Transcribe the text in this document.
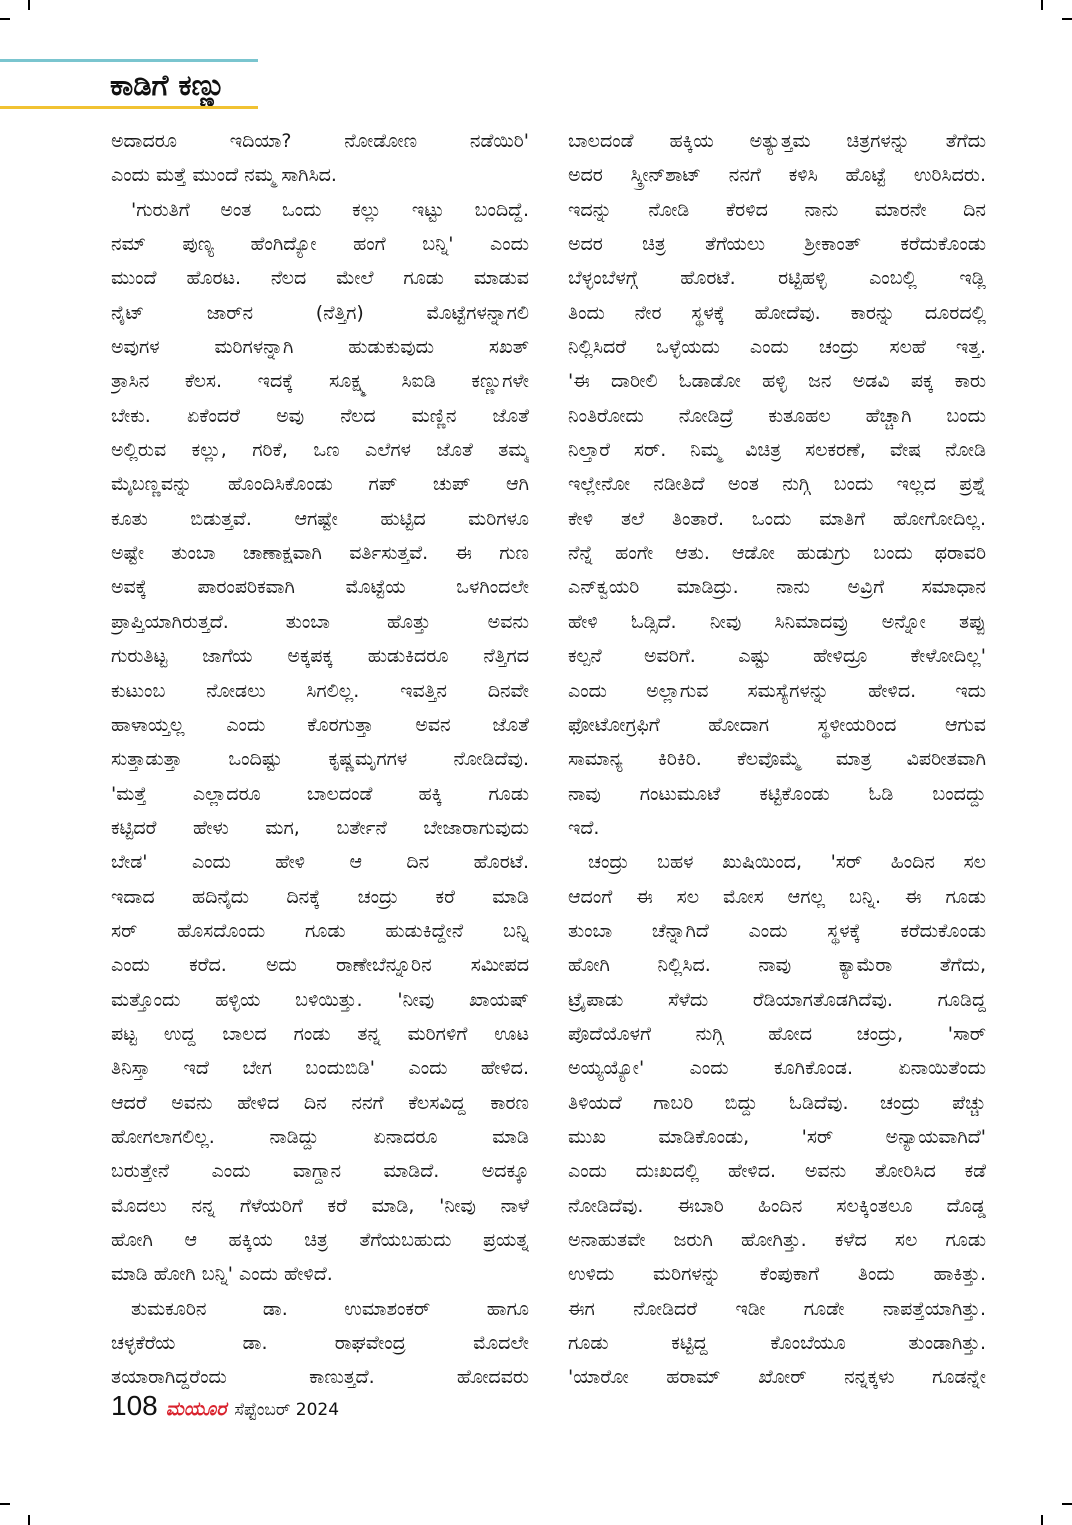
ಕಾಡಿಗೆ ಕಣ್ಣು
ಅದಾದರೂ ಇದಿಯಾ? ನೋಡೋಣ ನಡೆಯಿರಿ'
ಎಂದು ಮತ್ತೆ ಮುಂದೆ ನಮ್ಮ ಸಾಗಿಸಿದ.
'ಗುರುತಿಗೆ ಅಂತ ಒಂದು ಕಲ್ಲು ಇಟ್ಟು ಬಂದಿದ್ದೆ.
ನಮ್ ಪುಣ್ಯ ಹೆಂಗಿದ್ಯೋ ಹಂಗೆ ಬನ್ನಿ' ಎಂದು
ಮುಂದೆ ಹೊರಟ. ನೆಲದ ಮೇಲೆ ಗೂಡು ಮಾಡುವ
ನೈಟ್ ಜಾರ್‌ನ (ನೆತ್ತಿಗ) ಮೊಟ್ಟೆಗಳನ್ನಾಗಲಿ
ಅವುಗಳ ಮರಿಗಳನ್ನಾಗಿ ಹುಡುಕುವುದು ಸಖತ್
ತ್ರಾಸಿನ ಕೆಲಸ. ಇದಕ್ಕೆ ಸೂಕ್ಷ್ಮ ಸಿಐಡಿ ಕಣ್ಣುಗಳೇ
ಬೇಕು. ಏಕೆಂದರೆ ಅವು ನೆಲದ ಮಣ್ಣಿನ ಜೊತೆ
ಅಲ್ಲಿರುವ ಕಲ್ಲು, ಗರಿಕೆ, ಒಣ ಎಲೆಗಳ ಜೊತೆ ತಮ್ಮ
ಮೈಬಣ್ಣವನ್ನು ಹೊಂದಿಸಿಕೊಂಡು ಗಪ್ ಚುಪ್ ಆಗಿ
ಕೂತು ಬಿಡುತ್ತವೆ. ಆಗಷ್ಟೇ ಹುಟ್ಟಿದ ಮರಿಗಳೂ
ಅಷ್ಟೇ ತುಂಬಾ ಚಾಣಾಕ್ಷವಾಗಿ ವರ್ತಿಸುತ್ತವೆ. ಈ ಗುಣ
ಅವಕ್ಕೆ ಪಾರಂಪರಿಕವಾಗಿ ಮೊಟ್ಟೆಯ ಒಳಗಿಂದಲೇ
ಪ್ರಾಪ್ತಿಯಾಗಿರುತ್ತದೆ. ತುಂಬಾ ಹೊತ್ತು ಅವನು
ಗುರುತಿಟ್ಟ ಜಾಗೆಯ ಅಕ್ಕಪಕ್ಕ ಹುಡುಕಿದರೂ ನೆತ್ತಿಗದ
ಕುಟುಂಬ ನೋಡಲು ಸಿಗಲಿಲ್ಲ. ಇವತ್ತಿನ ದಿನವೇ
ಹಾಳಾಯ್ತಲ್ಲ ಎಂದು ಕೊರಗುತ್ತಾ ಅವನ ಜೊತೆ
ಸುತ್ತಾಡುತ್ತಾ ಒಂದಿಷ್ಟು ಕೃಷ್ಣಮೃಗಗಳ ನೋಡಿದೆವು.
'ಮತ್ತೆ ಎಲ್ಲಾದರೂ ಬಾಲದಂಡೆ ಹಕ್ಕಿ ಗೂಡು
ಕಟ್ಟಿದರೆ ಹೇಳು ಮಗ, ಬರ್ತೇನೆ ಬೇಜಾರಾಗುವುದು
ಬೇಡ' ಎಂದು ಹೇಳಿ ಆ ದಿನ ಹೊರಟೆ.
ಇದಾದ ಹದಿನೈದು ದಿನಕ್ಕೆ ಚಂದ್ರು ಕರೆ ಮಾಡಿ
ಸರ್ ಹೊಸದೊಂದು ಗೂಡು ಹುಡುಕಿದ್ದೇನೆ ಬನ್ನಿ
ಎಂದು ಕರೆದ. ಅದು ರಾಣೇಬೆನ್ನೂರಿನ ಸಮೀಪದ
ಮತ್ತೊಂದು ಹಳ್ಳಿಯ ಬಳಿಯಿತ್ತು. 'ನೀವು ಖಾಯಷ್
ಪಟ್ಟ ಉದ್ದ ಬಾಲದ ಗಂಡು ತನ್ನ ಮರಿಗಳಿಗೆ ಊಟ
ತಿನಿಸ್ತಾ ಇದೆ ಬೇಗ ಬಂದುಬಿಡಿ' ಎಂದು ಹೇಳಿದ.
ಆದರೆ ಅವನು ಹೇಳಿದ ದಿನ ನನಗೆ ಕೆಲಸವಿದ್ದ ಕಾರಣ
ಹೋಗಲಾಗಲಿಲ್ಲ. ನಾಡಿದ್ದು ಏನಾದರೂ ಮಾಡಿ
ಬರುತ್ತೇನೆ ಎಂದು ವಾಗ್ದಾನ ಮಾಡಿದೆ. ಅದಕ್ಕೂ
ಮೊದಲು ನನ್ನ ಗೆಳೆಯರಿಗೆ ಕರೆ ಮಾಡಿ, 'ನೀವು ನಾಳೆ
ಹೋಗಿ ಆ ಹಕ್ಕಿಯ ಚಿತ್ರ ತೆಗೆಯಬಹುದು ಪ್ರಯತ್ನ
ಮಾಡಿ ಹೋಗಿ ಬನ್ನಿ' ಎಂದು ಹೇಳಿದೆ.
ತುಮಕೂರಿನ ಡಾ. ಉಮಾಶಂಕರ್ ಹಾಗೂ
ಚಳ್ಳಕೆರೆಯ ಡಾ. ರಾಘವೇಂದ್ರ ಮೊದಲೇ
ತಯಾರಾಗಿದ್ದರೆಂದು ಕಾಣುತ್ತದೆ. ಹೋದವರು
ಬಾಲದಂಡೆ ಹಕ್ಕಿಯ ಅತ್ಯುತ್ತಮ ಚಿತ್ರಗಳನ್ನು ತೆಗೆದು
ಅದರ ಸ್ಕ್ರೀನ್‌ಶಾಟ್ ನನಗೆ ಕಳಿಸಿ ಹೊಟ್ಟೆ ಉರಿಸಿದರು.
ಇದನ್ನು ನೋಡಿ ಕೆರಳಿದ ನಾನು ಮಾರನೇ ದಿನ
ಅದರ ಚಿತ್ರ ತೆಗೆಯಲು ಶ್ರೀಕಾಂತ್ ಕರೆದುಕೊಂಡು
ಬೆಳ್ಳಂಬೆಳಗ್ಗೆ ಹೊರಟೆ. ರಟ್ಟಿಹಳ್ಳಿ ಎಂಬಲ್ಲಿ ಇಡ್ಲಿ
ತಿಂದು ನೇರ ಸ್ಥಳಕ್ಕೆ ಹೋದೆವು. ಕಾರನ್ನು ದೂರದಲ್ಲಿ
ನಿಲ್ಲಿಸಿದರೆ ಒಳ್ಳೆಯದು ಎಂದು ಚಂದ್ರು ಸಲಹೆ ಇತ್ತ.
'ಈ ದಾರೀಲಿ ಓಡಾಡೋ ಹಳ್ಳಿ ಜನ ಅಡವಿ ಪಕ್ಕ ಕಾರು
ನಿಂತಿರೋದು ನೋಡಿದ್ರೆ ಕುತೂಹಲ ಹೆಚ್ಚಾಗಿ ಬಂದು
ನಿಲ್ತಾರೆ ಸರ್. ನಿಮ್ಮ ವಿಚಿತ್ರ ಸಲಕರಣೆ, ವೇಷ ನೋಡಿ
ಇಲ್ಲೇನೋ ನಡೀತಿದೆ ಅಂತ ನುಗ್ಗಿ ಬಂದು ಇಲ್ಲದ ಪ್ರಶ್ನೆ
ಕೇಳಿ ತಲೆ ತಿಂತಾರೆ. ಒಂದು ಮಾತಿಗೆ ಹೋಗೋದಿಲ್ಲ.
ನೆನ್ನೆ ಹಂಗೇ ಆತು. ಆಡೋ ಹುಡುಗ್ರು ಬಂದು ಥರಾವರಿ
ಎನ್‌ಕ್ವಯರಿ ಮಾಡಿದ್ರು. ನಾನು ಅವ್ರಿಗೆ ಸಮಾಧಾನ
ಹೇಳಿ ಓಡ್ಸಿದೆ. ನೀವು ಸಿನಿಮಾದವ್ರು ಅನ್ನೋ ತಪ್ಪು
ಕಲ್ಪನೆ ಅವರಿಗೆ. ಎಷ್ಟು ಹೇಳಿದ್ರೂ ಕೇಳೋದಿಲ್ಲ'
ಎಂದು ಅಲ್ಲಾಗುವ ಸಮಸ್ಯೆಗಳನ್ನು ಹೇಳಿದ. ಇದು
ಫೋಟೋಗ್ರಫಿಗೆ ಹೋದಾಗ ಸ್ಥಳೀಯರಿಂದ ಆಗುವ
ಸಾಮಾನ್ಯ ಕಿರಿಕಿರಿ. ಕೆಲವೊಮ್ಮೆ ಮಾತ್ರ ವಿಪರೀತವಾಗಿ
ನಾವು ಗಂಟುಮೂಟೆ ಕಟ್ಟಿಕೊಂಡು ಓಡಿ ಬಂದದ್ದು
ಇದೆ.
ಚಂದ್ರು ಬಹಳ ಖುಷಿಯಿಂದ, 'ಸರ್ ಹಿಂದಿನ ಸಲ
ಆದಂಗೆ ಈ ಸಲ ಮೋಸ ಆಗಲ್ಲ ಬನ್ನಿ. ಈ ಗೂಡು
ತುಂಬಾ ಚೆನ್ನಾಗಿದೆ ಎಂದು ಸ್ಥಳಕ್ಕೆ ಕರೆದುಕೊಂಡು
ಹೋಗಿ ನಿಲ್ಲಿಸಿದ. ನಾವು ಕ್ಯಾಮೆರಾ ತೆಗೆದು,
ಟ್ರೈಪಾಡು ಸೆಳೆದು ರೆಡಿಯಾಗತೊಡಗಿದೆವು. ಗೂಡಿದ್ದ
ಪೊದೆಯೊಳಗೆ ನುಗ್ಗಿ ಹೋದ ಚಂದ್ರು, 'ಸಾರ್
ಅಯ್ಯಯ್ಯೋ' ಎಂದು ಕೂಗಿಕೊಂಡ. ಏನಾಯಿತೆಂದು
ತಿಳಿಯದೆ ಗಾಬರಿ ಬಿದ್ದು ಓಡಿದೆವು. ಚಂದ್ರು ಪೆಚ್ಚು
ಮುಖ ಮಾಡಿಕೊಂಡು, 'ಸರ್ ಅನ್ಯಾಯವಾಗಿದೆ'
ಎಂದು ದುಃಖದಲ್ಲಿ ಹೇಳಿದ. ಅವನು ತೋರಿಸಿದ ಕಡೆ
ನೋಡಿದೆವು. ಈಬಾರಿ ಹಿಂದಿನ ಸಲಕ್ಕಿಂತಲೂ ದೊಡ್ಡ
ಅನಾಹುತವೇ ಜರುಗಿ ಹೋಗಿತ್ತು. ಕಳೆದ ಸಲ ಗೂಡು
ಉಳಿದು ಮರಿಗಳನ್ನು ಕೆಂಪುಕಾಗೆ ತಿಂದು ಹಾಕಿತ್ತು.
ಈಗ ನೋಡಿದರೆ ಇಡೀ ಗೂಡೇ ನಾಪತ್ತೆಯಾಗಿತ್ತು.
ಗೂಡು ಕಟ್ಟಿದ್ದ ಕೊಂಬೆಯೂ ತುಂಡಾಗಿತ್ತು.
'ಯಾರೋ ಹರಾಮ್ ಖೋರ್ ನನ್ನಕ್ಕಳು ಗೂಡನ್ನೇ
108 ಮಯೂರ ಸೆಪ್ಟೆಂಬರ್ 2024
